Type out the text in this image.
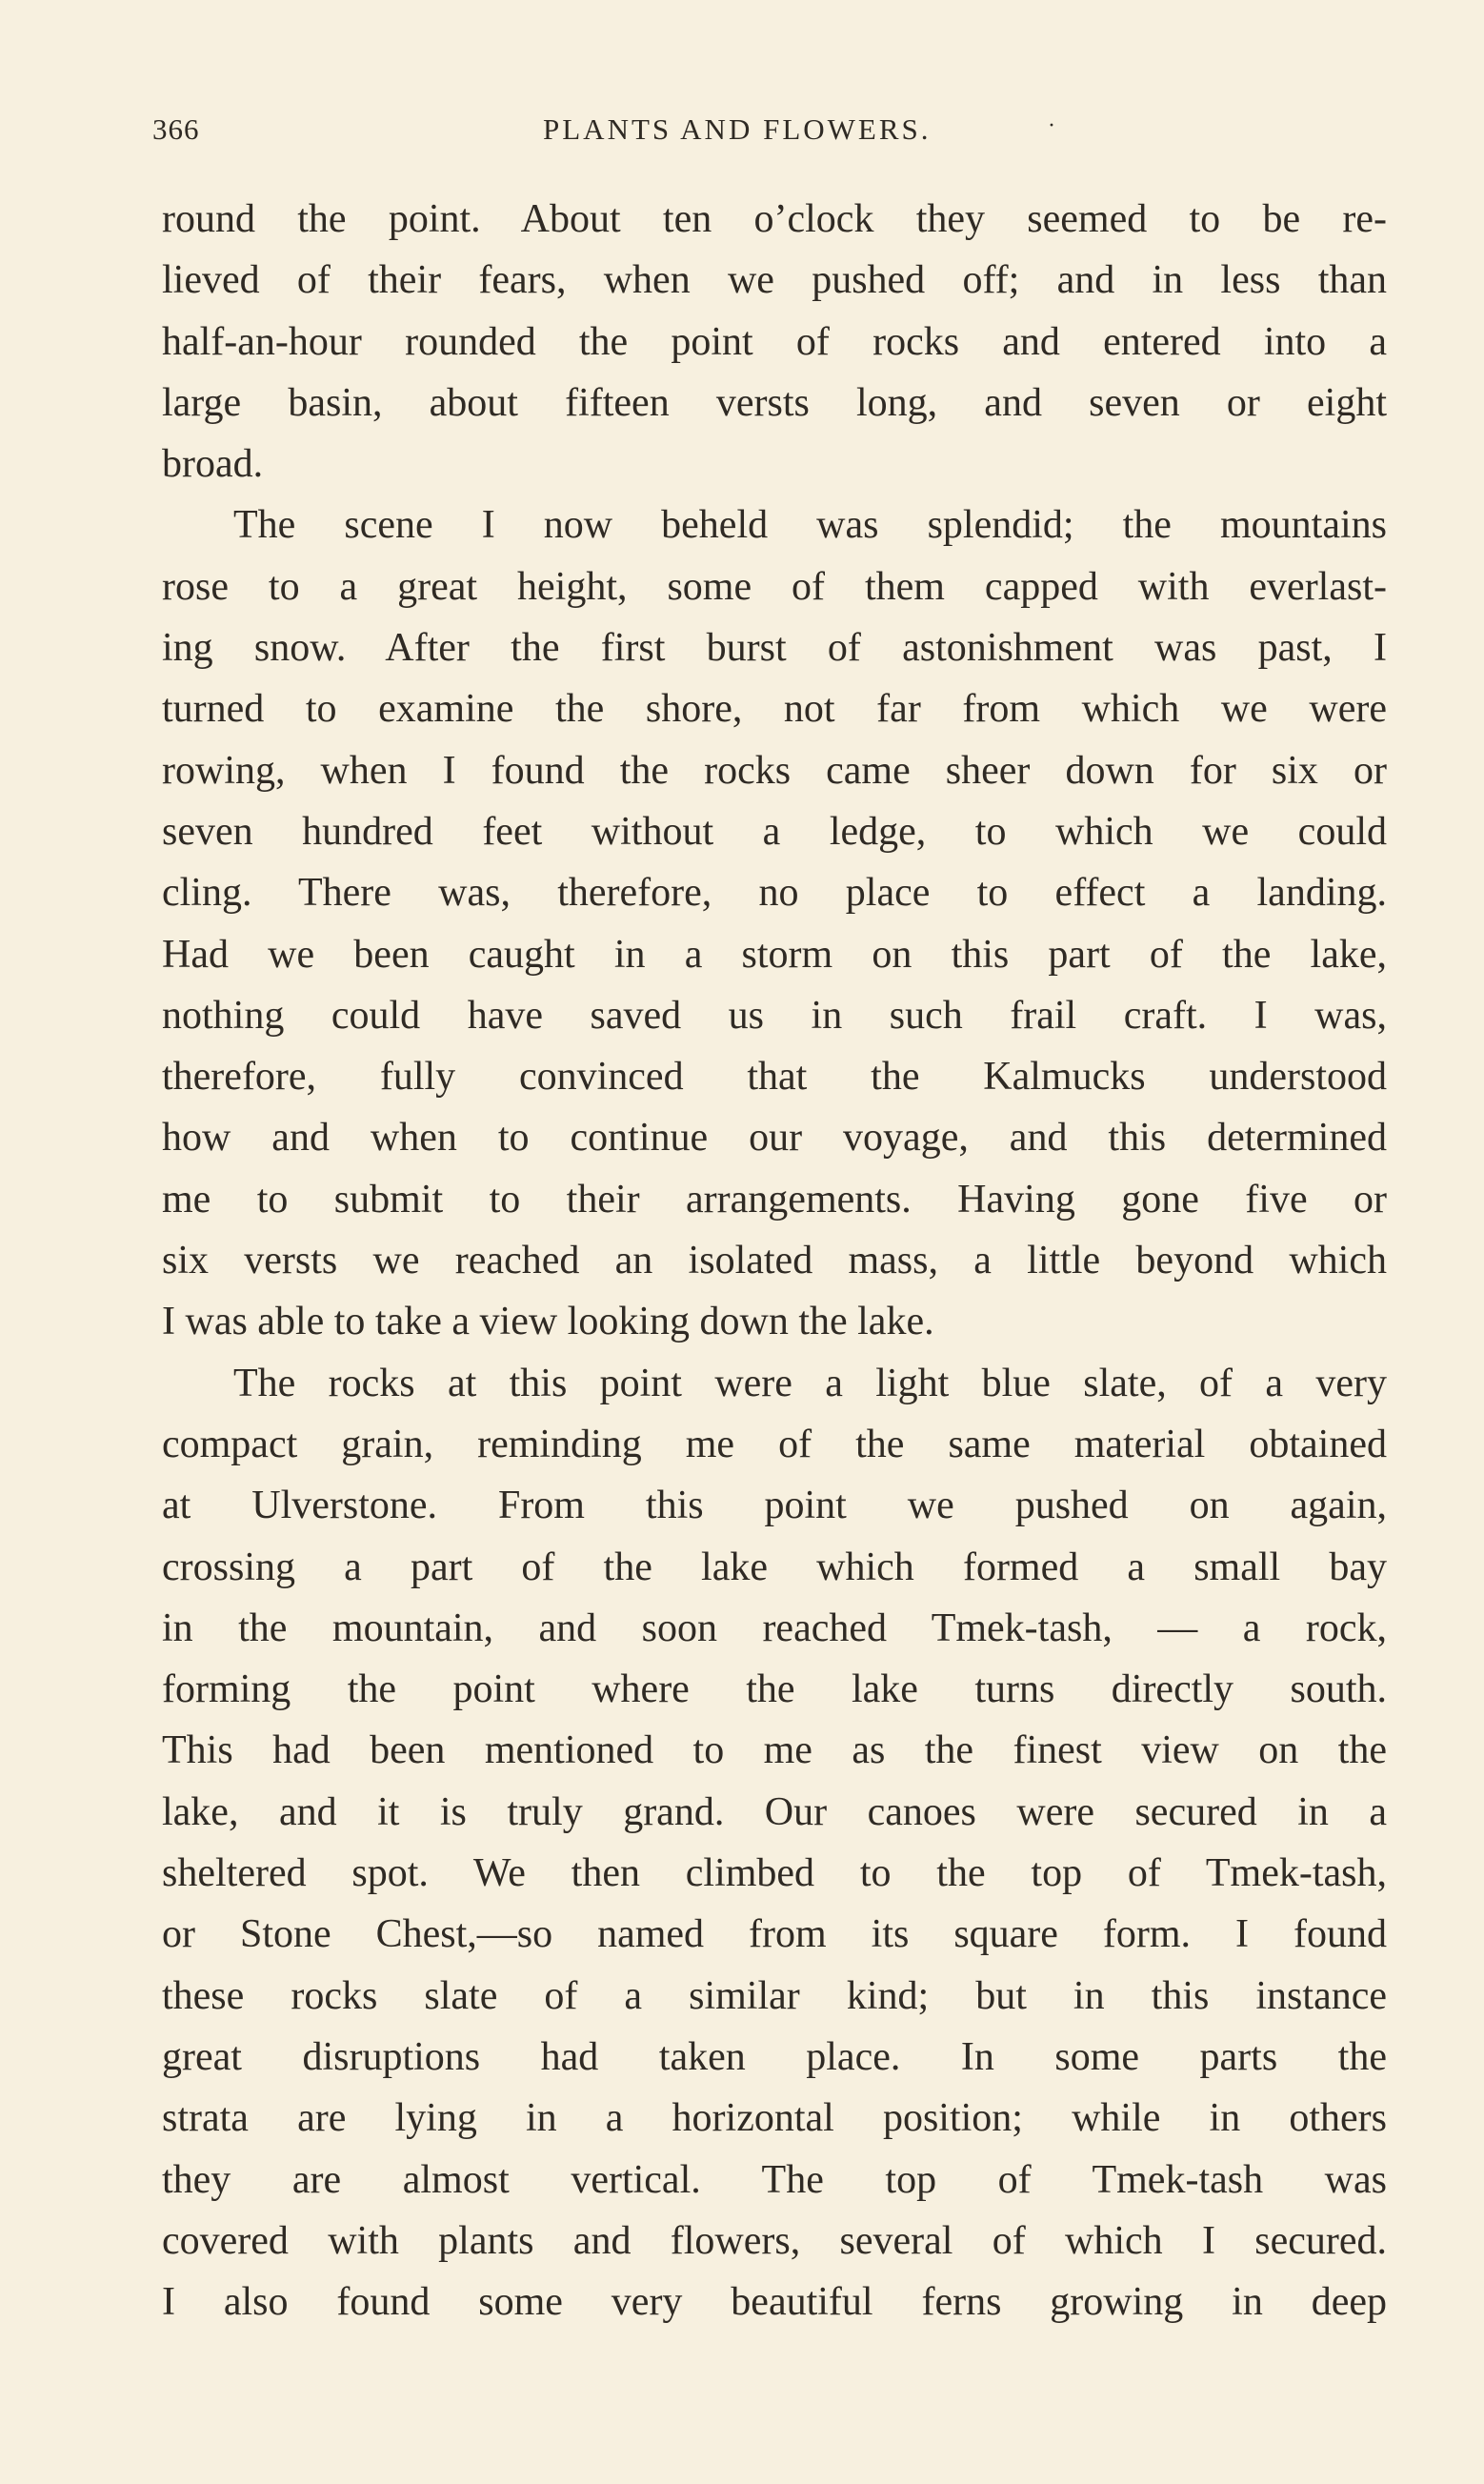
366	PLANTS AND FLOWERS.	·
round the point. About ten o’clock they seemed to be re-
lieved of their fears, when we pushed off; and in less than
half-an-hour rounded the point of rocks and entered into a
large basin, about fifteen versts long, and seven or eight
broad.
The scene I now beheld was splendid; the mountains
rose to a great height, some of them capped with everlast-
ing snow. After the first burst of astonishment was past, I
turned to examine the shore, not far from which we were
rowing, when I found the rocks came sheer down for six or
seven hundred feet without a ledge, to which we could
cling. There was, therefore, no place to effect a landing.
Had we been caught in a storm on this part of the lake,
nothing could have saved us in such frail craft. I was,
therefore, fully convinced that the Kalmucks understood
how and when to continue our voyage, and this determined
me to submit to their arrangements. Having gone five or
six versts we reached an isolated mass, a little beyond which
I was able to take a view looking down the lake.
The rocks at this point were a light blue slate, of a very
compact grain, reminding me of the same material obtained
at Ulverstone. From this point we pushed on again,
crossing a part of the lake which formed a small bay
in the mountain, and soon reached Tmek-tash, — a rock,
forming the point where the lake turns directly south.
This had been mentioned to me as the finest view on the
lake, and it is truly grand. Our canoes were secured in a
sheltered spot. We then climbed to the top of Tmek-tash,
or Stone Chest,—so named from its square form. I found
these rocks slate of a similar kind; but in this instance
great disruptions had taken place. In some parts the
strata are lying in a horizontal position; while in others
they are almost vertical. The top of Tmek-tash was
covered with plants and flowers, several of which I secured.
I also found some very beautiful ferns growing in deep
